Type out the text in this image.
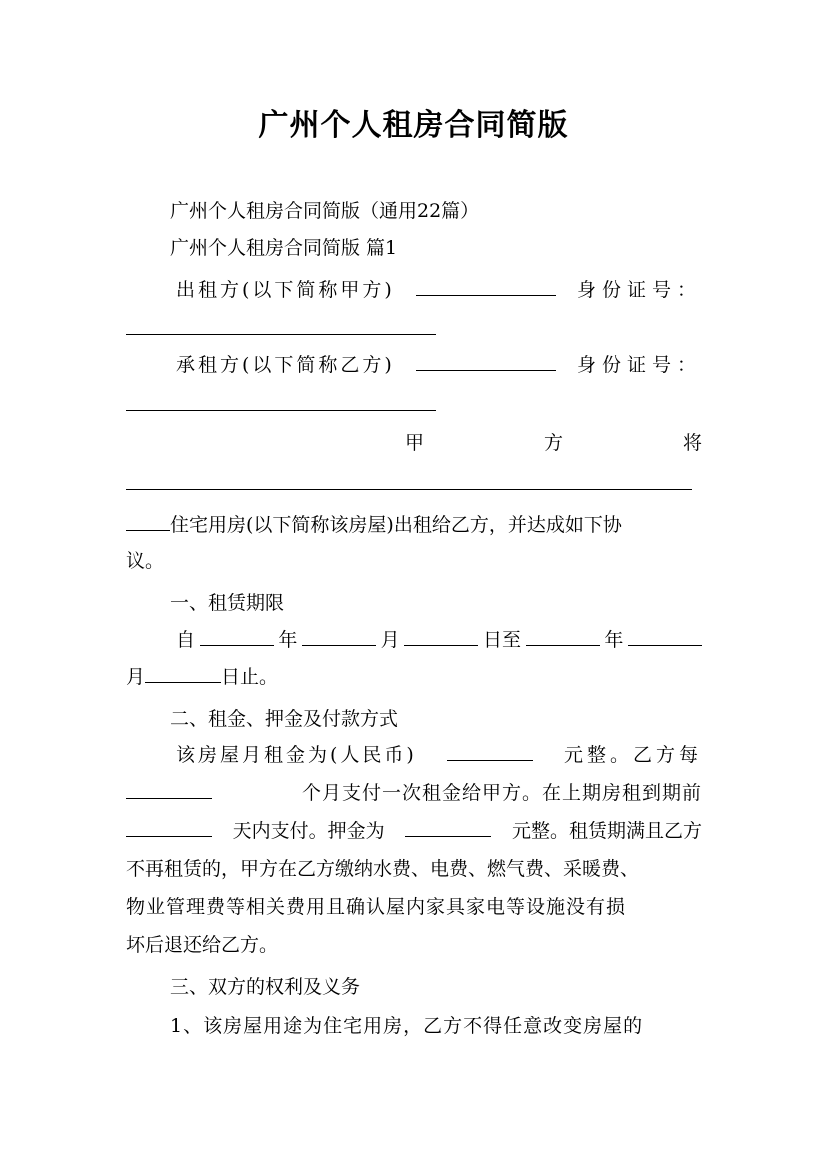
广州个人租房合同简版

广州个人租房合同简版（通用22篇）

广州个人租房合同简版 篇1

出租方(以下简称甲方)	身份证号：

承租方(以下简称乙方)	身份证号：

甲	方	将

住宅用房(以下简称该房屋)出租给乙方，并达成如下协

议。

一、租赁期限

自	年	月	日至	年

月	日止。

二、租金、押金及付款方式

该房屋月租金为(人民币)	元整。乙方每

个月支付一次租金给甲方。在上期房租到期前

天内支付。押金为	元整。租赁期满且乙方

不再租赁的，甲方在乙方缴纳水费、电费、燃气费、采暖费、

物业管理费等相关费用且确认屋内家具家电等设施没有损

坏后退还给乙方。

三、双方的权利及义务

1、该房屋用途为住宅用房，乙方不得任意改变房屋的
